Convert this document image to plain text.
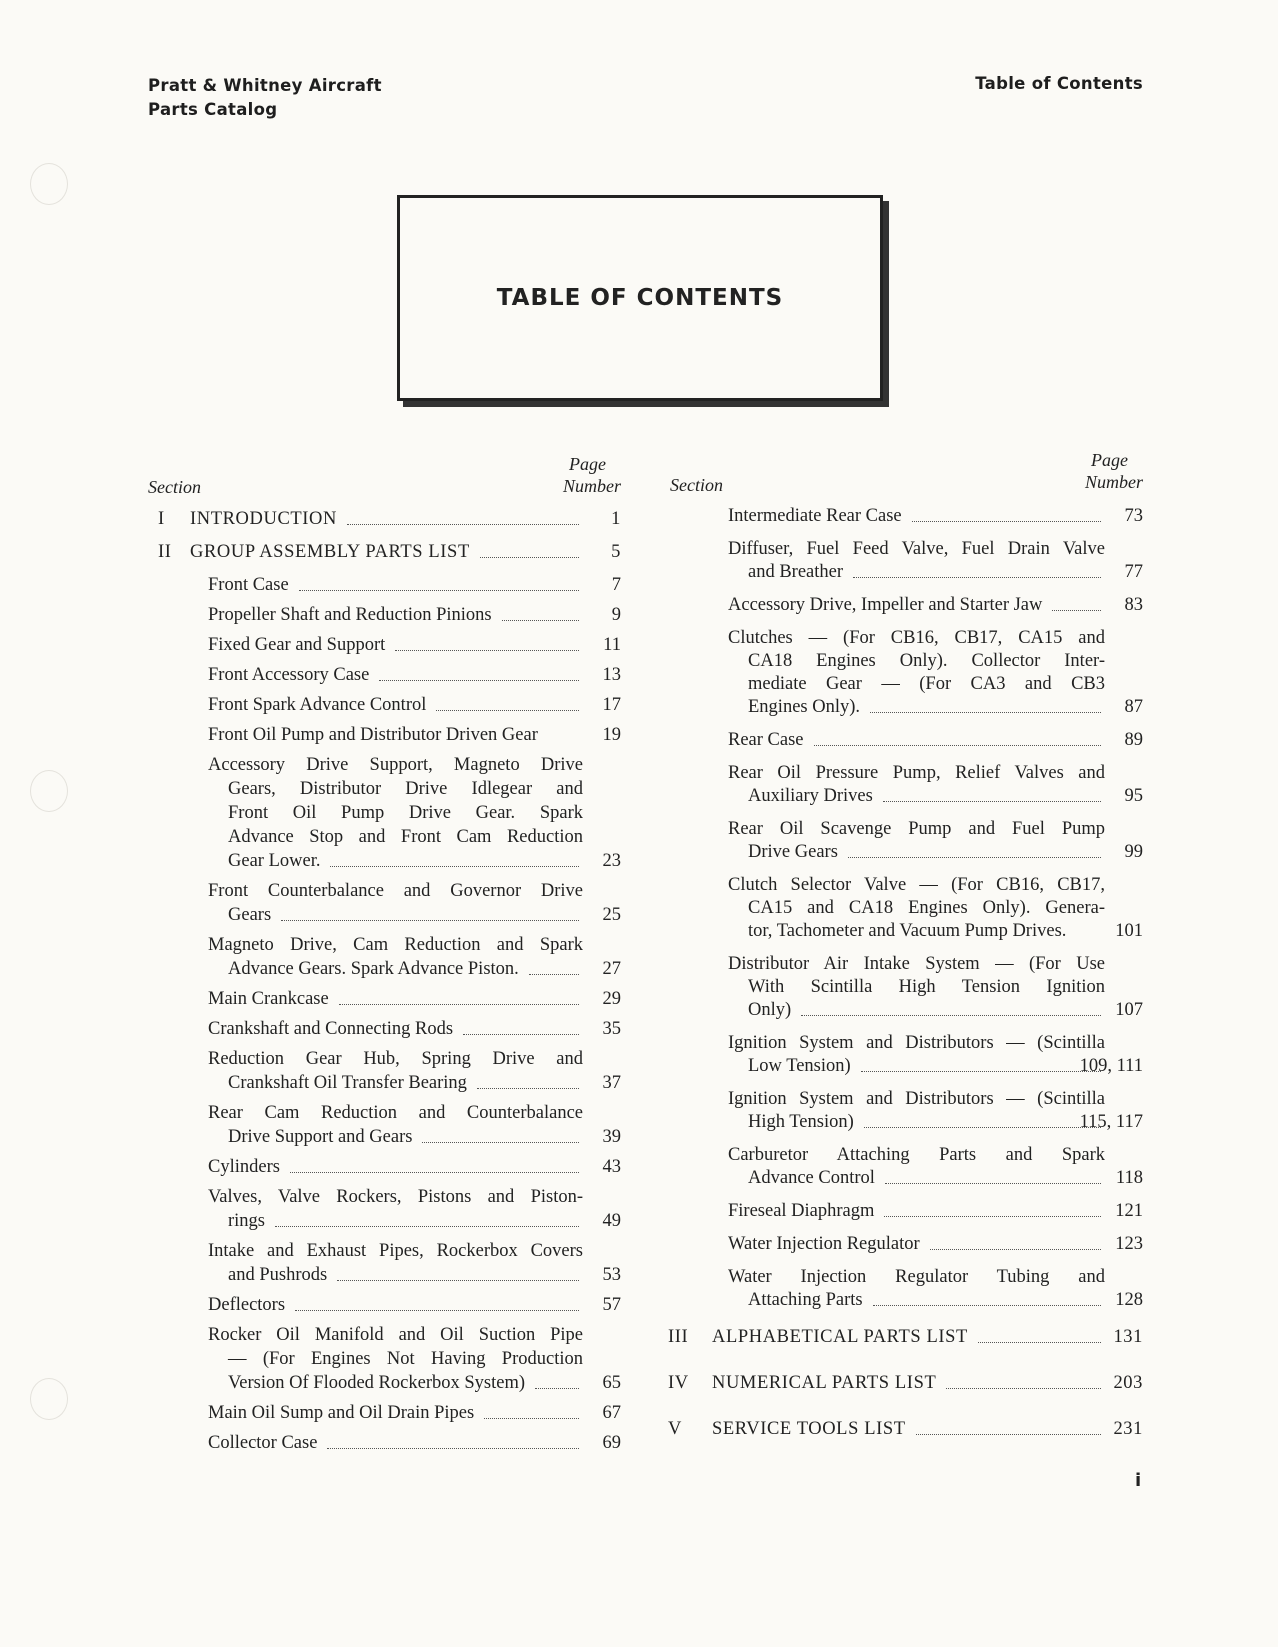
Pratt & Whitney Aircraft
Parts Catalog
Table of Contents
TABLE OF CONTENTS
Section
Page
Number	Section
Page
Number
I INTRODUCTION	1
II GROUP ASSEMBLY PARTS LIST	5
Front Case	7
Propeller Shaft and Reduction Pinions	9
Fixed Gear and Support	11
Front Accessory Case	13
Front Spark Advance Control	17
Front Oil Pump and Distributor Driven Gear	19
Accessory Drive Support, Magneto Drive
Gears, Distributor Drive Idlegear and
Front Oil Pump Drive Gear. Spark
Advance Stop and Front Cam Reduction
Gear Lower.	23
Front Counterbalance and Governor Drive
Gears	25
Magneto Drive, Cam Reduction and Spark
Advance Gears. Spark Advance Piston.	27
Main Crankcase	29
Crankshaft and Connecting Rods	35
Reduction Gear Hub, Spring Drive and
Crankshaft Oil Transfer Bearing	37
Rear Cam Reduction and Counterbalance
Drive Support and Gears	39
Cylinders	43
Valves, Valve Rockers, Pistons and Piston-
rings	49
Intake and Exhaust Pipes, Rockerbox Covers
and Pushrods	53
Deflectors	57
Rocker Oil Manifold and Oil Suction Pipe
— (For Engines Not Having Production
Version Of Flooded Rockerbox System)	65
Main Oil Sump and Oil Drain Pipes	67
Collector Case	69
Intermediate Rear Case	73
Diffuser, Fuel Feed Valve, Fuel Drain Valve
and Breather	77
Accessory Drive, Impeller and Starter Jaw	83
Clutches — (For CB16, CB17, CA15 and
CA18 Engines Only). Collector Inter-
mediate Gear — (For CA3 and CB3
Engines Only).	87
Rear Case	89
Rear Oil Pressure Pump, Relief Valves and
Auxiliary Drives	95
Rear Oil Scavenge Pump and Fuel Pump
Drive Gears	99
Clutch Selector Valve — (For CB16, CB17,
CA15 and CA18 Engines Only). Genera-
tor, Tachometer and Vacuum Pump Drives.	101
Distributor Air Intake System — (For Use
With Scintilla High Tension Ignition
Only)	107
Ignition System and Distributors — (Scintilla
Low Tension)	109, 111
Ignition System and Distributors — (Scintilla
High Tension)	115, 117
Carburetor Attaching Parts and Spark
Advance Control	118
Fireseal Diaphragm	121
Water Injection Regulator	123
Water Injection Regulator Tubing and
Attaching Parts	128
III ALPHABETICAL PARTS LIST	131
IV NUMERICAL PARTS LIST	203
V SERVICE TOOLS LIST	231
i
